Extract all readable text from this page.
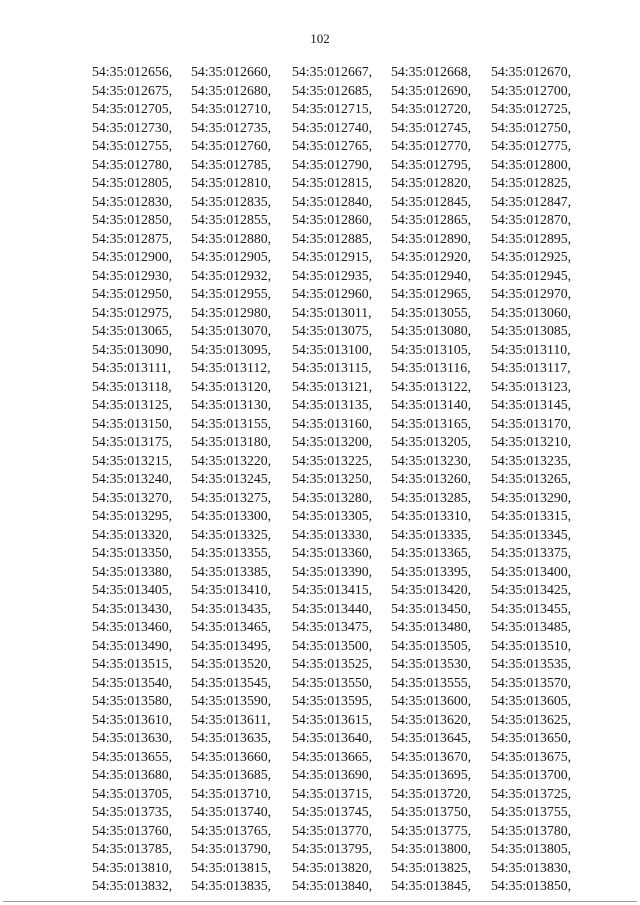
102
54:35:012656,	54:35:012660,	54:35:012667,	54:35:012668,	54:35:012670,
54:35:012675,	54:35:012680,	54:35:012685,	54:35:012690,	54:35:012700,
54:35:012705,	54:35:012710,	54:35:012715,	54:35:012720,	54:35:012725,
54:35:012730,	54:35:012735,	54:35:012740,	54:35:012745,	54:35:012750,
54:35:012755,	54:35:012760,	54:35:012765,	54:35:012770,	54:35:012775,
54:35:012780,	54:35:012785,	54:35:012790,	54:35:012795,	54:35:012800,
54:35:012805,	54:35:012810,	54:35:012815,	54:35:012820,	54:35:012825,
54:35:012830,	54:35:012835,	54:35:012840,	54:35:012845,	54:35:012847,
54:35:012850,	54:35:012855,	54:35:012860,	54:35:012865,	54:35:012870,
54:35:012875,	54:35:012880,	54:35:012885,	54:35:012890,	54:35:012895,
54:35:012900,	54:35:012905,	54:35:012915,	54:35:012920,	54:35:012925,
54:35:012930,	54:35:012932,	54:35:012935,	54:35:012940,	54:35:012945,
54:35:012950,	54:35:012955,	54:35:012960,	54:35:012965,	54:35:012970,
54:35:012975,	54:35:012980,	54:35:013011,	54:35:013055,	54:35:013060,
54:35:013065,	54:35:013070,	54:35:013075,	54:35:013080,	54:35:013085,
54:35:013090,	54:35:013095,	54:35:013100,	54:35:013105,	54:35:013110,
54:35:013111,	54:35:013112,	54:35:013115,	54:35:013116,	54:35:013117,
54:35:013118,	54:35:013120,	54:35:013121,	54:35:013122,	54:35:013123,
54:35:013125,	54:35:013130,	54:35:013135,	54:35:013140,	54:35:013145,
54:35:013150,	54:35:013155,	54:35:013160,	54:35:013165,	54:35:013170,
54:35:013175,	54:35:013180,	54:35:013200,	54:35:013205,	54:35:013210,
54:35:013215,	54:35:013220,	54:35:013225,	54:35:013230,	54:35:013235,
54:35:013240,	54:35:013245,	54:35:013250,	54:35:013260,	54:35:013265,
54:35:013270,	54:35:013275,	54:35:013280,	54:35:013285,	54:35:013290,
54:35:013295,	54:35:013300,	54:35:013305,	54:35:013310,	54:35:013315,
54:35:013320,	54:35:013325,	54:35:013330,	54:35:013335,	54:35:013345,
54:35:013350,	54:35:013355,	54:35:013360,	54:35:013365,	54:35:013375,
54:35:013380,	54:35:013385,	54:35:013390,	54:35:013395,	54:35:013400,
54:35:013405,	54:35:013410,	54:35:013415,	54:35:013420,	54:35:013425,
54:35:013430,	54:35:013435,	54:35:013440,	54:35:013450,	54:35:013455,
54:35:013460,	54:35:013465,	54:35:013475,	54:35:013480,	54:35:013485,
54:35:013490,	54:35:013495,	54:35:013500,	54:35:013505,	54:35:013510,
54:35:013515,	54:35:013520,	54:35:013525,	54:35:013530,	54:35:013535,
54:35:013540,	54:35:013545,	54:35:013550,	54:35:013555,	54:35:013570,
54:35:013580,	54:35:013590,	54:35:013595,	54:35:013600,	54:35:013605,
54:35:013610,	54:35:013611,	54:35:013615,	54:35:013620,	54:35:013625,
54:35:013630,	54:35:013635,	54:35:013640,	54:35:013645,	54:35:013650,
54:35:013655,	54:35:013660,	54:35:013665,	54:35:013670,	54:35:013675,
54:35:013680,	54:35:013685,	54:35:013690,	54:35:013695,	54:35:013700,
54:35:013705,	54:35:013710,	54:35:013715,	54:35:013720,	54:35:013725,
54:35:013735,	54:35:013740,	54:35:013745,	54:35:013750,	54:35:013755,
54:35:013760,	54:35:013765,	54:35:013770,	54:35:013775,	54:35:013780,
54:35:013785,	54:35:013790,	54:35:013795,	54:35:013800,	54:35:013805,
54:35:013810,	54:35:013815,	54:35:013820,	54:35:013825,	54:35:013830,
54:35:013832,	54:35:013835,	54:35:013840,	54:35:013845,	54:35:013850,
